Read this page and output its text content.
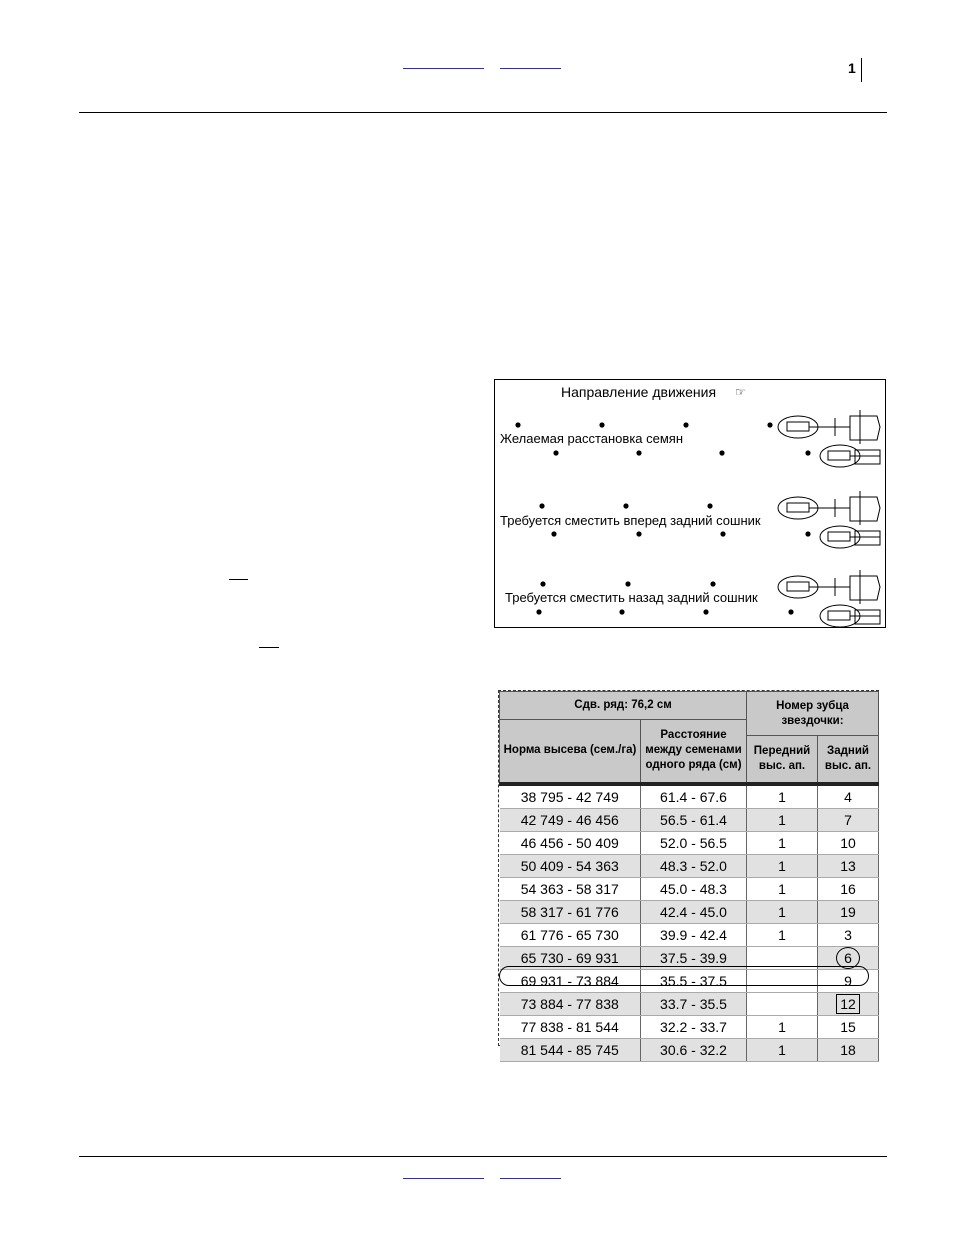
1
Направление движения ☞
Желаемая расстановка семян
Требуется сместить вперед задний сошник
Требуется сместить назад задний сошник
Сдв. ряд: 76,2 см		Номер зубца звездочки:	
Норма высева (сем./га)	Расстояние между семенами одного ряда (см)		
		Передний выс. ап.	Задний выс. ап.
38 795 - 42 749	61.4 - 67.6	1	4
42 749 - 46 456	56.5 - 61.4	1	7
46 456 - 50 409	52.0 - 56.5	1	10
50 409 - 54 363	48.3 - 52.0	1	13
54 363 - 58 317	45.0 - 48.3	1	16
58 317 - 61 776	42.4 - 45.0	1	19
61 776 - 65 730	39.9 - 42.4	1	3
65 730 - 69 931	37.5 - 39.9		6
69 931 - 73 884	35.5 - 37.5		9
73 884 - 77 838	33.7 - 35.5		12
77 838 - 81 544	32.2 - 33.7	1	15
81 544 - 85 745	30.6 - 32.2	1	18
